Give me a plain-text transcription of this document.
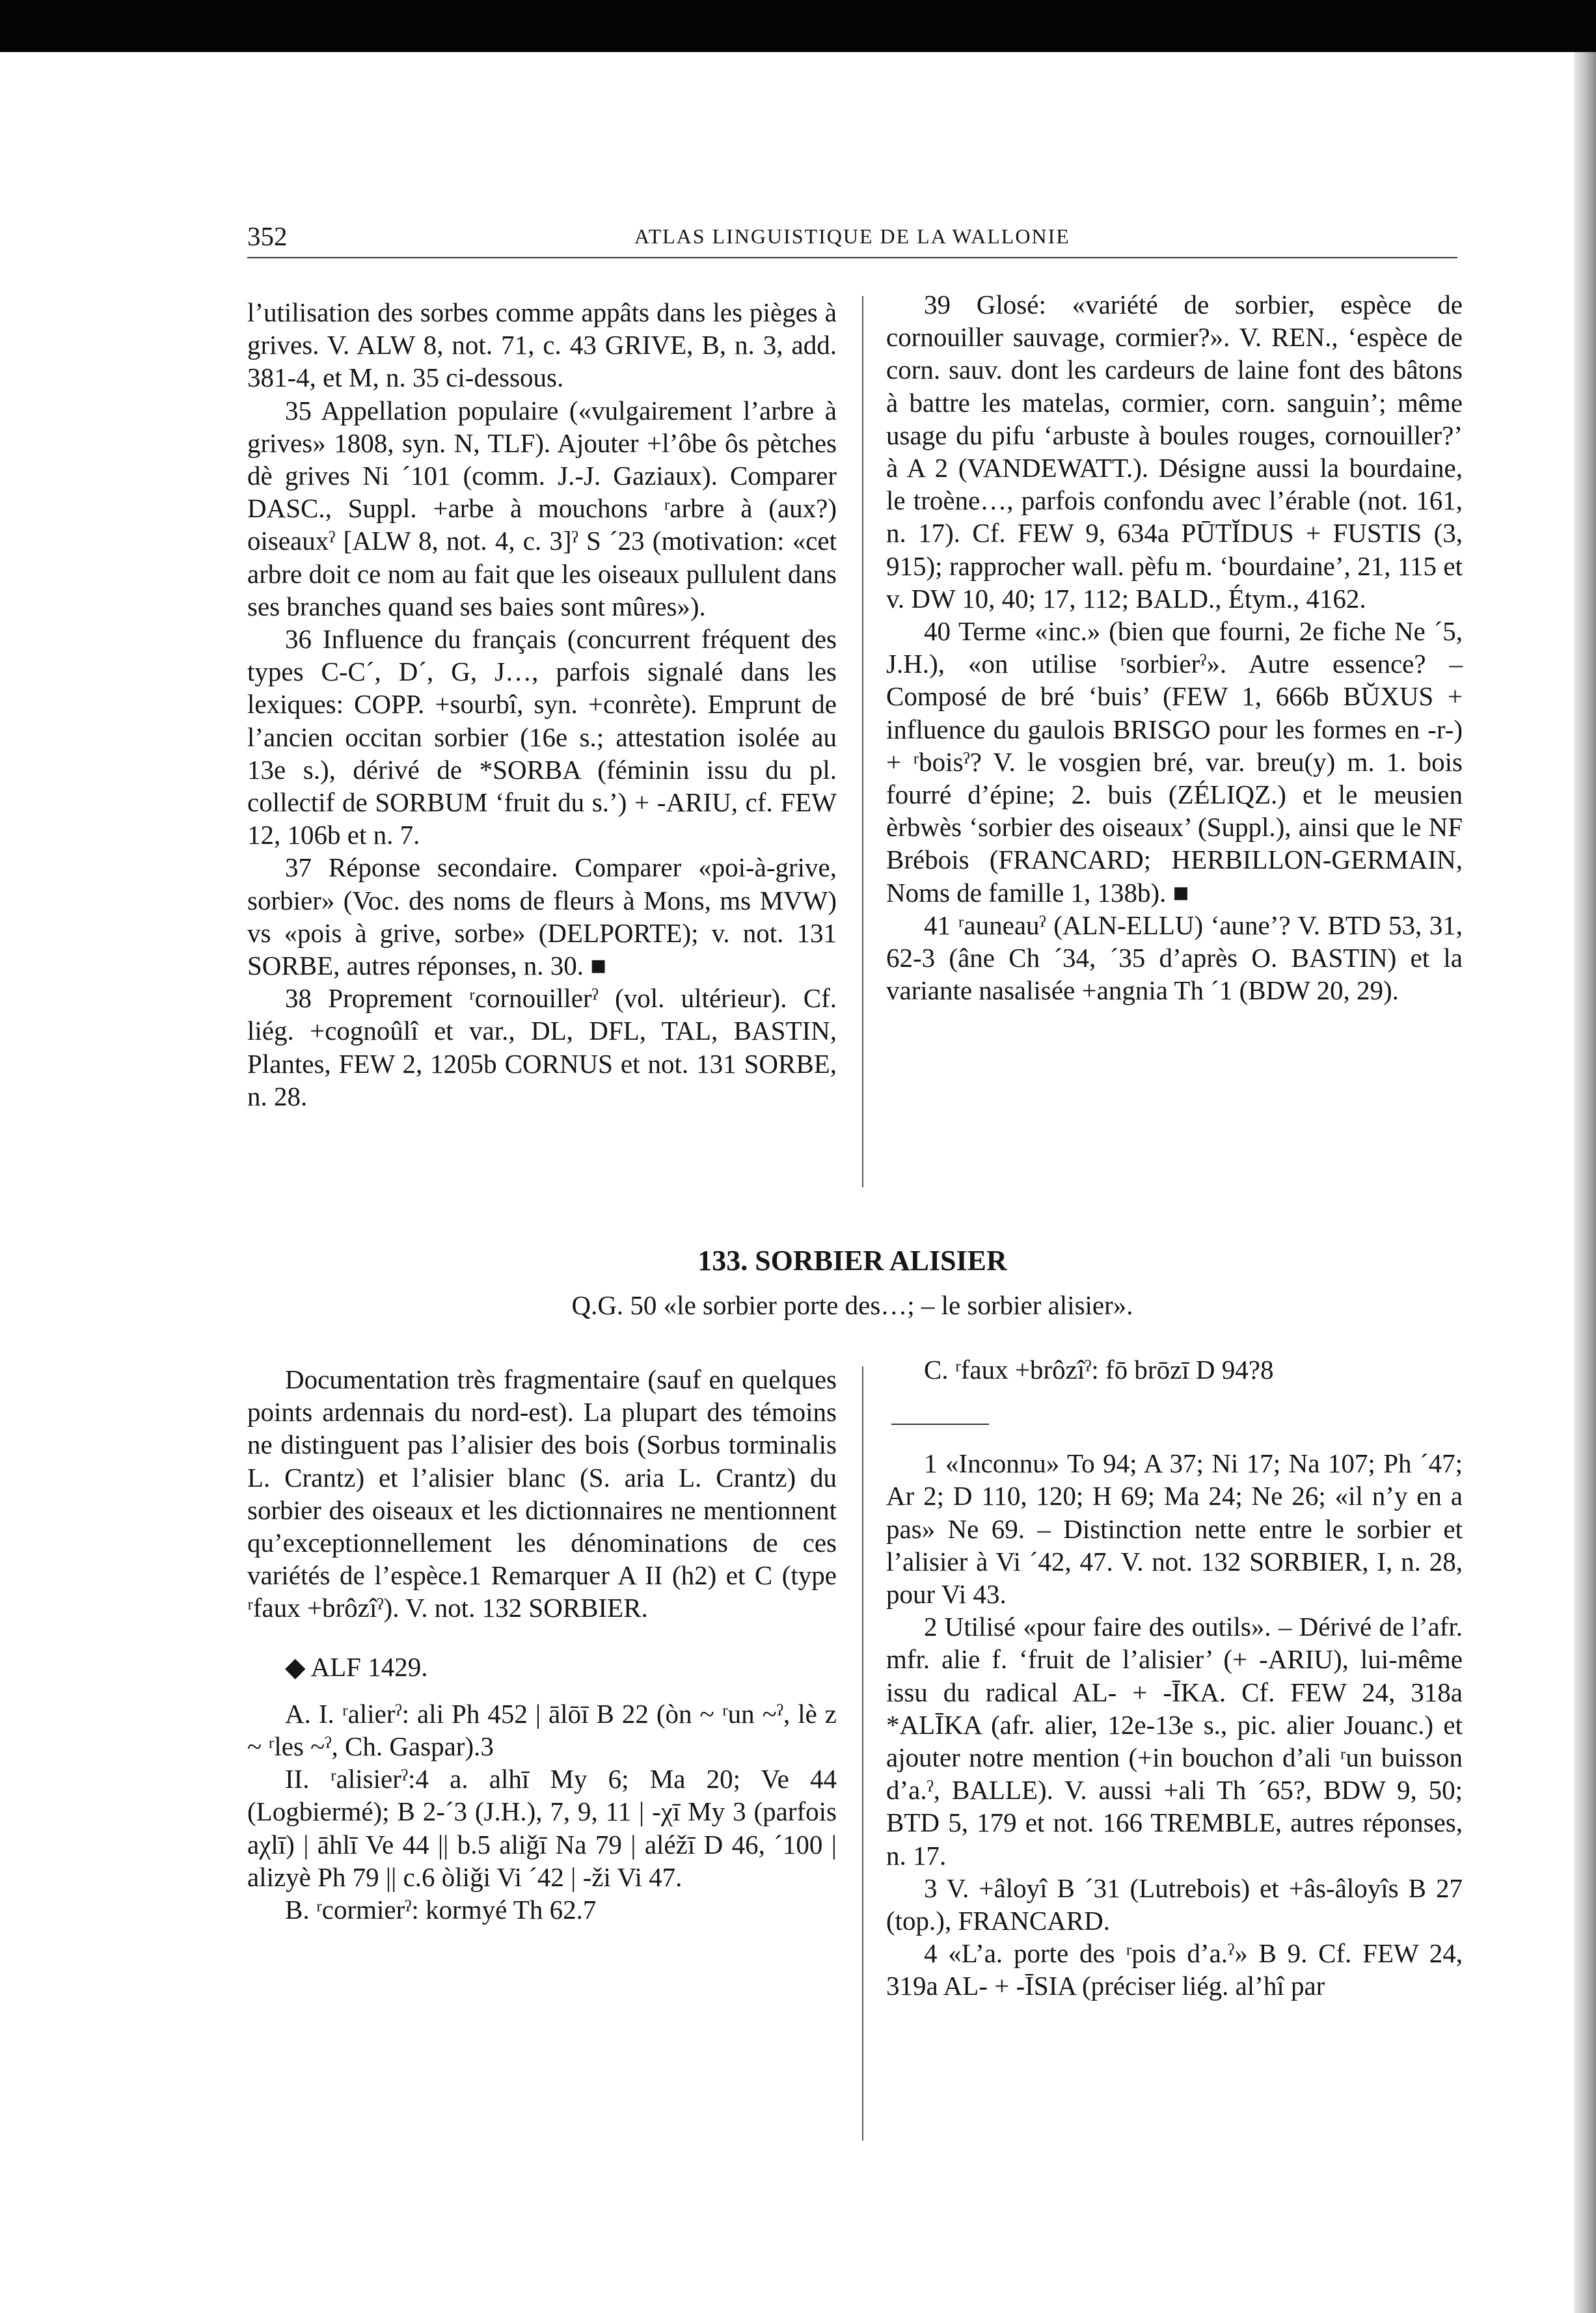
352	ATLAS LINGUISTIQUE DE LA WALLONIE

l’utilisation des sorbes comme appâts dans les pièges à grives. V. ALW 8, not. 71, c. 43 GRIVE, B, n. 3, add. 381-4, et M, n. 35 ci-dessous.

35 Appellation populaire («vulgairement l’arbre à grives» 1808, syn. N, TLF). Ajouter +l’ôbe ôs pètches dè grives Ni ´101 (comm. J.-J. Gaziaux). Comparer DASC., Suppl. +arbe à mouchons ʳarbre à (aux?) oiseauxˀ [ALW 8, not. 4, c. 3]ˀ S ´23 (motivation: «cet arbre doit ce nom au fait que les oiseaux pullulent dans ses branches quand ses baies sont mûres»).

36 Influence du français (concurrent fréquent des types C-C´, D´, G, J…, parfois signalé dans les lexiques: COPP. +sourbî, syn. +conrète). Emprunt de l’ancien occitan sorbier (16e s.; attestation isolée au 13e s.), dérivé de *SORBA (féminin issu du pl. collectif de SORBUM ‘fruit du s.’) + -ARIU, cf. FEW 12, 106b et n. 7.

37 Réponse secondaire. Comparer «poi-à-grive, sorbier» (Voc. des noms de fleurs à Mons, ms MVW) vs «pois à grive, sorbe» (DELPORTE); v. not. 131 SORBE, autres réponses, n. 30. ■

38 Proprement ʳcornouillerˀ (vol. ultérieur). Cf. liég. +cognoûlî et var., DL, DFL, TAL, BASTIN, Plantes, FEW 2, 1205b CORNUS et not. 131 SORBE, n. 28.

39 Glosé: «variété de sorbier, espèce de cornouiller sauvage, cormier?». V. REN., ‘espèce de corn. sauv. dont les cardeurs de laine font des bâtons à battre les matelas, cormier, corn. sanguin’; même usage du pifu ‘arbuste à boules rouges, cornouiller?’ à A 2 (VANDEWATT.). Désigne aussi la bourdaine, le troène…, parfois confondu avec l’érable (not. 161, n. 17). Cf. FEW 9, 634a PŪTĬDUS + FUSTIS (3, 915); rapprocher wall. pèfu m. ‘bourdaine’, 21, 115 et v. DW 10, 40; 17, 112; BALD., Étym., 4162.

40 Terme «inc.» (bien que fourni, 2e fiche Ne ´5, J.H.), «on utilise ʳsorbierˀ». Autre essence? – Composé de bré ‘buis’ (FEW 1, 666b BŬXUS + influence du gaulois BRISGO pour les formes en -r-) + ʳboisˀ? V. le vosgien bré, var. breu(y) m. 1. bois fourré d’épine; 2. buis (ZÉLIQZ.) et le meusien èrbwès ‘sorbier des oiseaux’ (Suppl.), ainsi que le NF Brébois (FRANCARD; HERBILLON-GERMAIN, Noms de famille 1, 138b). ■

41 ʳauneauˀ (ALN-ELLU) ‘aune’? V. BTD 53, 31, 62-3 (âne Ch ´34, ´35 d’après O. BASTIN) et la variante nasalisée +angnia Th ´1 (BDW 20, 29).

133. SORBIER ALISIER
Q.G. 50 «le sorbier porte des…; – le sorbier alisier».

Documentation très fragmentaire (sauf en quelques points ardennais du nord-est). La plupart des témoins ne distinguent pas l’alisier des bois (Sorbus torminalis L. Crantz) et l’alisier blanc (S. aria L. Crantz) du sorbier des oiseaux et les dictionnaires ne mentionnent qu’exceptionnellement les dénominations de ces variétés de l’espèce.1 Remarquer A II (h2) et C (type ʳfaux +brôzîˀ). V. not. 132 SORBIER.

◆ ALF 1429.

A. I. ʳalierˀ: ali Ph 452 | ālōī B 22 (òn ~ ʳun ~ˀ, lè z ~ ʳles ~ˀ, Ch. Gaspar).3

II. ʳalisierˀ:4 a. alhī My 6; Ma 20; Ve 44 (Logbiermé); B 2-´3 (J.H.), 7, 9, 11 | -χī My 3 (parfois aχlī) | āhlī Ve 44 || b.5 aliǧī Na 79 | aléžī D 46, ´100 | alizyè Ph 79 || c.6 òliǧi Vi ´42 | -ži Vi 47.

B. ʳcormierˀ: kormyé Th 62.7

C. ʳfaux +brôzîˀ: fō brōzī D 94?8

1 «Inconnu» To 94; A 37; Ni 17; Na 107; Ph ´47; Ar 2; D 110, 120; H 69; Ma 24; Ne 26; «il n’y en a pas» Ne 69. – Distinction nette entre le sorbier et l’alisier à Vi ´42, 47. V. not. 132 SORBIER, I, n. 28, pour Vi 43.

2 Utilisé «pour faire des outils». – Dérivé de l’afr. mfr. alie f. ‘fruit de l’alisier’ (+ -ARIU), lui-même issu du radical AL- + -ĪKA. Cf. FEW 24, 318a *ALĪKA (afr. alier, 12e-13e s., pic. alier Jouanc.) et ajouter notre mention (+in bouchon d’ali ʳun buisson d’a.ˀ, BALLE). V. aussi +ali Th ´65?, BDW 9, 50; BTD 5, 179 et not. 166 TREMBLE, autres réponses, n. 17.

3 V. +âloyî B ´31 (Lutrebois) et +âs-âloyîs B 27 (top.), FRANCARD.

4 «L’a. porte des ʳpois d’a.ˀ» B 9. Cf. FEW 24, 319a AL- + -ĪSIA (préciser liég. al’hî par
